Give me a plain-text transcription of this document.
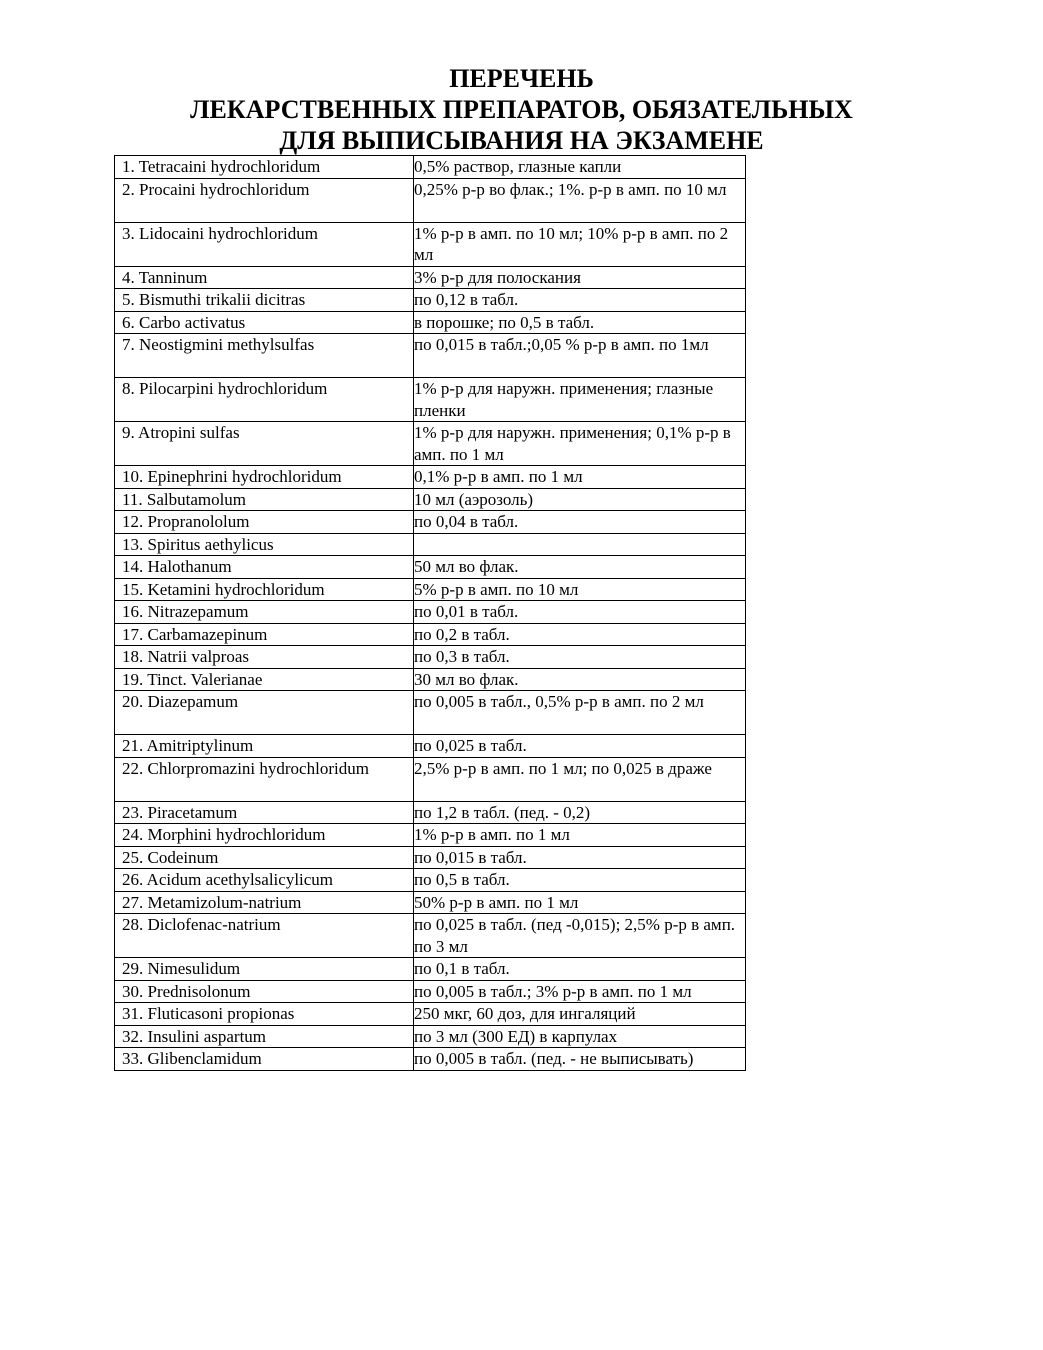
ПЕРЕЧЕНЬ
ЛЕКАРСТВЕННЫХ ПРЕПАРАТОВ, ОБЯЗАТЕЛЬНЫХ
ДЛЯ ВЫПИСЫВАНИЯ НА ЭКЗАМЕНЕ
1. Tetracaini hydrochloridum	0,5% раствор, глазные капли
2. Procaini hydrochloridum	0,25% р-р во флак.; 1%. р-р в амп. по 10 мл
3. Lidocaini hydrochloridum	1% р-р в амп. по 10 мл; 10% р-р в амп. по 2 мл
4. Tanninum	3% р-р для полоскания
5. Bismuthi trikalii dicitras	по 0,12 в табл.
6. Carbo activatus	в порошке; по 0,5 в табл.
7. Neostigmini methylsulfas	по 0,015 в табл.;0,05 % р-р в амп. по 1мл
8. Pilocarpini hydrochloridum	1% р-р для наружн. применения; глазные пленки
9. Atropini sulfas	1% р-р для наружн. применения; 0,1% р-р в амп. по 1 мл
10. Epinephrini hydrochloridum	0,1% р-р в амп. по 1 мл
11. Salbutamolum	10 мл (аэрозоль)
12. Propranololum	по 0,04 в табл.
13. Spiritus aethylicus	
14. Halothanum	50 мл во флак.
15. Ketamini hydrochloridum	5% р-р в амп. по 10 мл
16. Nitrazepamum	по 0,01 в табл.
17. Carbamazepinum	по 0,2 в табл.
18. Natrii valproas	по 0,3 в табл.
19. Tinct. Valerianae	30 мл во флак.
20. Diazepamum	по 0,005 в табл., 0,5% р-р в амп. по 2 мл
21. Amitriptylinum	по 0,025 в табл.
22. Chlorpromazini hydrochloridum	2,5% р-р в амп. по 1 мл; по 0,025 в драже
23. Piracetamum	по 1,2 в табл. (пед. - 0,2)
24. Morphini hydrochloridum	1% р-р в амп. по 1 мл
25. Codeinum	по 0,015 в табл.
26. Acidum acethylsalicylicum	по 0,5 в табл.
27. Metamizolum-natrium	50% р-р в амп. по 1 мл
28. Diclofenac-natrium	по 0,025 в табл. (пед -0,015); 2,5% р-р в амп. по 3 мл
29. Nimesulidum	по 0,1 в табл.
30. Prednisolonum	по 0,005 в табл.; 3% р-р в амп. по 1 мл
31. Fluticasoni propionas	250 мкг, 60 доз, для ингаляций
32. Insulini aspartum	по 3 мл (300 ЕД) в карпулах
33. Glibenclamidum	по 0,005 в табл. (пед. - не выписывать)
